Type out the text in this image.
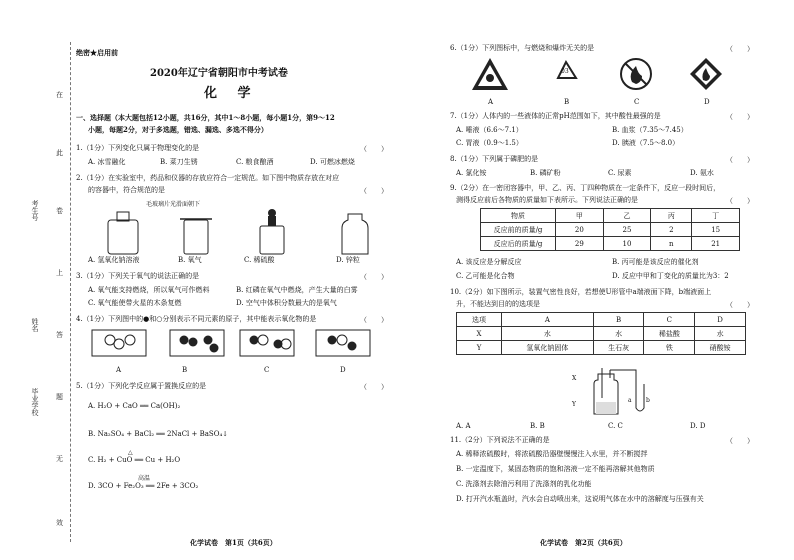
考生号
姓名
毕业学校
在
此
卷
上
答
题
无
效
绝密★启用前
2020年辽宁省朝阳市中考试卷
化 学
一、选择题（本大题包括12小题，共16分，其中1～8小题，每小题1分，第9～12
小题，每题2分，对于多选题，错选、漏选、多选不得分）
1.（1分）下列变化只属于物理变化的是	（　　）
A. 冰雪融化	B. 菜刀生锈	C. 粮食酿酒	D. 可燃冰燃烧
2.（1分）在实验室中，药品和仪器的存放应符合一定规范。如下图中物质存放在对应
的容器中，符合规范的是	（　　）
毛玻璃片光滑面朝下
A. 氢氧化钠溶液	B. 氧气	C. 稀硫酸	D. 锌粒
3.（1分）下列关于氧气的说法正确的是	（　　）
A. 氧气能支持燃烧，所以氧气可作燃料	B. 红磷在氧气中燃烧，产生大量的白雾
C. 氧气能使带火星的木条复燃	D. 空气中体积分数最大的是氧气
4.（1分）下列图中的●和○分别表示不同元素的原子，其中能表示氧化物的是	（　　）
A	B	C	D
5.（1分）下列化学反应属于置换反应的是	（　　）
A. H₂O + CaO ══ Ca(OH)₂
B. Na₂SO₄ + BaCl₂ ══ 2NaCl + BaSO₄↓
△
C. H₂ + CuO ══ Cu + H₂O
高温
D. 3CO + Fe₂O₃ ══ 2Fe + 3CO₂
化学试卷　第1页（共6页）
6.（1分）下列图标中，与燃烧和爆炸无关的是	（　　）
03
A	B	C	D
7.（1分）人体内的一些液体的正常pH范围如下，其中酸性最强的是	（　　）
A. 唾液（6.6～7.1）	B. 血浆（7.35～7.45）
C. 胃液（0.9～1.5）	D. 胰液（7.5～8.0）
8.（1分）下列属于磷肥的是	（　　）
A. 氯化铵	B. 磷矿粉	C. 尿素	D. 氨水
9.（2分）在一密闭容器中，甲、乙、丙、丁四种物质在一定条件下，反应一段时间后，
测得反应前后各物质的质量如下表所示。下列说法正确的是	（　　）
物质	甲	乙	丙	丁
反应前的质量/g	20	25	2	15
反应后的质量/g	29	10	n	21
A. 该反应是分解反应	B. 丙可能是该反应的催化剂
C. 乙可能是化合物	D. 反应中甲和丁变化的质量比为3：2
10.（2分）如下图所示，装置气密性良好，若想使U形管中a端液面下降，b端液面上
升，不能达到目的的选项是	（　　）
选项	A	B	C	D
X	水	水	稀盐酸	水
Y	氢氧化钠固体	生石灰	铁	硝酸铵
X
Y
a b
A. A	B. B	C. C	D. D
11.（2分）下列说法不正确的是	（　　）
A. 稀释浓硫酸时，将浓硫酸沿器壁慢慢注入水里，并不断搅拌
B. 一定温度下，某固态物质的饱和溶液一定不能再溶解其他物质
C. 洗涤剂去除油污利用了洗涤剂的乳化功能
D. 打开汽水瓶盖时，汽水会自动喷出来，这说明气体在水中的溶解度与压强有关
化学试卷　第2页（共6页）
